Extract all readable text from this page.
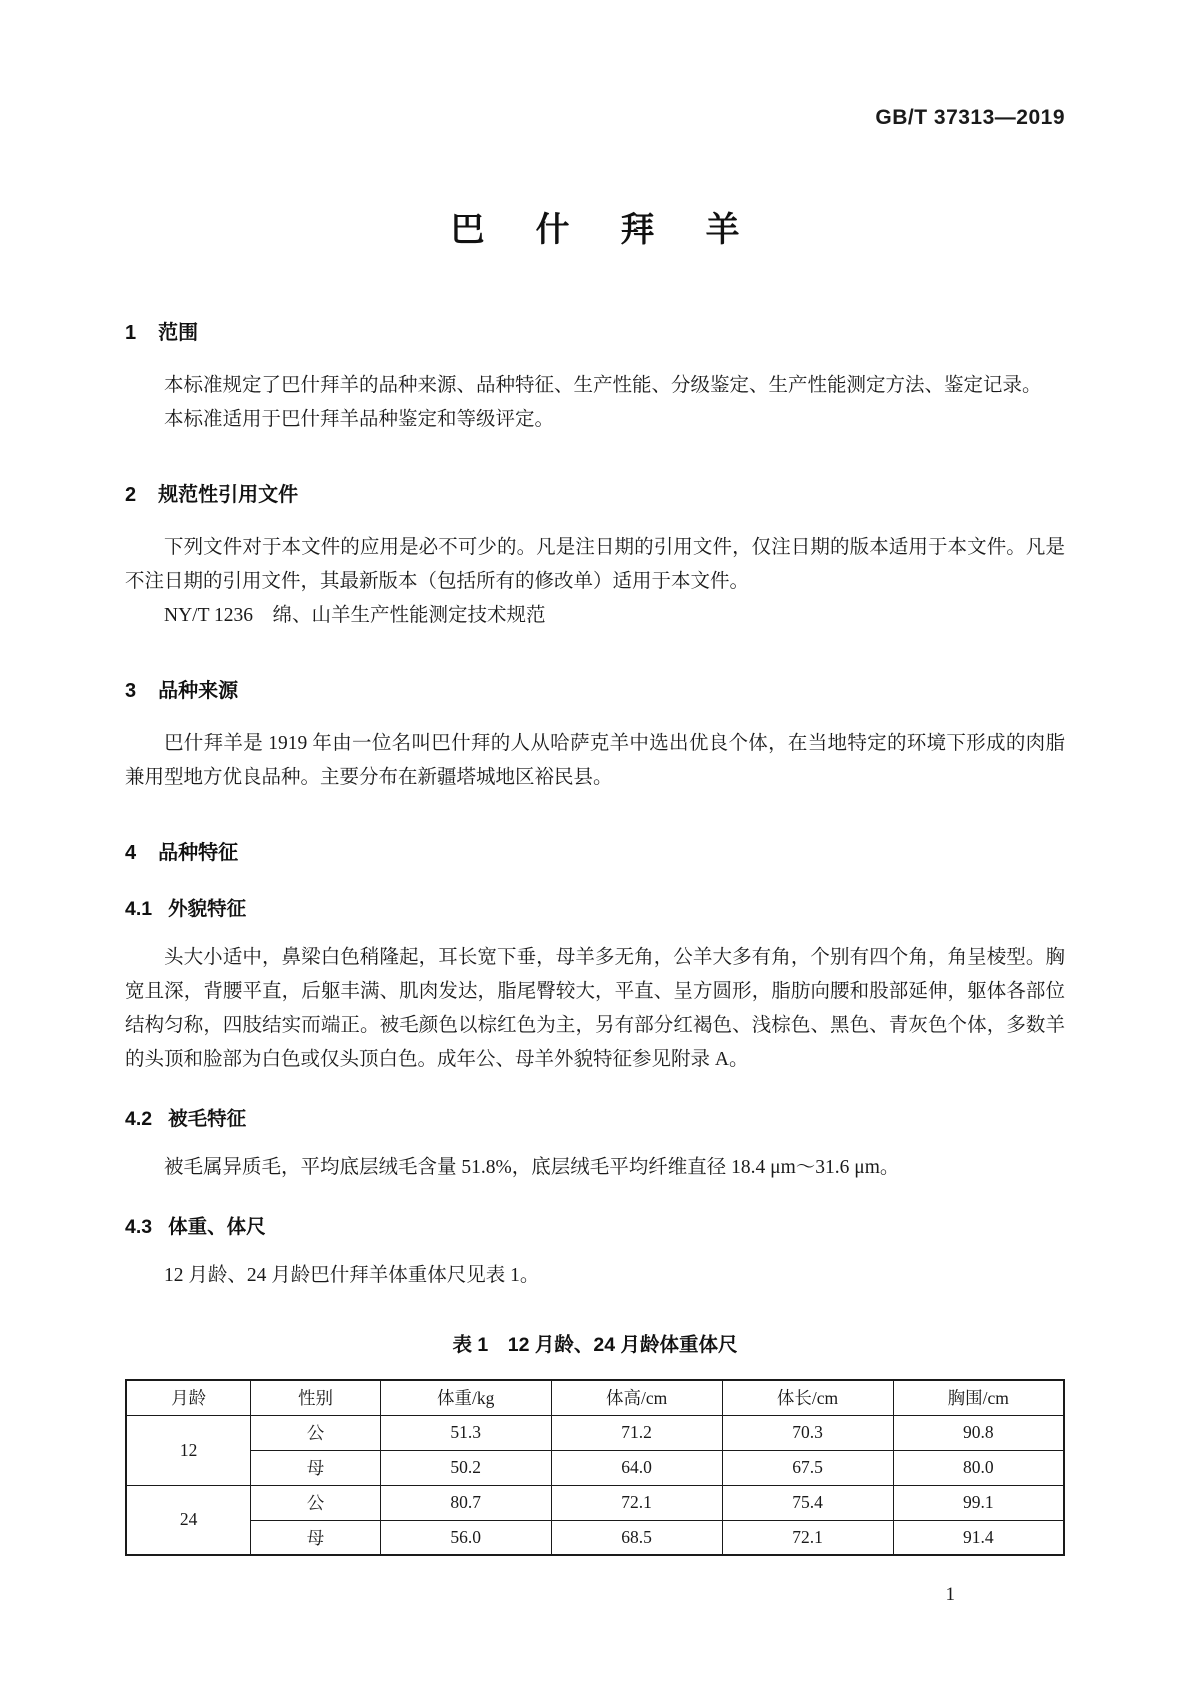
GB/T 37313—2019
巴什拜羊
1 范围

本标准规定了巴什拜羊的品种来源、品种特征、生产性能、分级鉴定、生产性能测定方法、鉴定记录。

本标准适用于巴什拜羊品种鉴定和等级评定。

2 规范性引用文件

下列文件对于本文件的应用是必不可少的。凡是注日期的引用文件，仅注日期的版本适用于本文件。凡是不注日期的引用文件，其最新版本（包括所有的修改单）适用于本文件。

NY/T 1236　绵、山羊生产性能测定技术规范

3 品种来源

巴什拜羊是 1919 年由一位名叫巴什拜的人从哈萨克羊中选出优良个体，在当地特定的环境下形成的肉脂兼用型地方优良品种。主要分布在新疆塔城地区裕民县。

4 品种特征
4.1 外貌特征

头大小适中，鼻梁白色稍隆起，耳长宽下垂，母羊多无角，公羊大多有角，个别有四个角，角呈棱型。胸宽且深，背腰平直，后躯丰满、肌肉发达，脂尾臀较大，平直、呈方圆形，脂肪向腰和股部延伸，躯体各部位结构匀称，四肢结实而端正。被毛颜色以棕红色为主，另有部分红褐色、浅棕色、黑色、青灰色个体，多数羊的头顶和脸部为白色或仅头顶白色。成年公、母羊外貌特征参见附录 A。

4.2 被毛特征

被毛属异质毛，平均底层绒毛含量 51.8%，底层绒毛平均纤维直径 18.4 μm～31.6 μm。

4.3 体重、体尺

12 月龄、24 月龄巴什拜羊体重体尺见表 1。

表 1　12 月龄、24 月龄体重体尺
月龄	性别	体重/kg	体高/cm	体长/cm	胸围/cm
12	公	51.3	71.2	70.3	90.8
	母	50.2	64.0	67.5	80.0
24	公	80.7	72.1	75.4	99.1
	母	56.0	68.5	72.1	91.4
1
